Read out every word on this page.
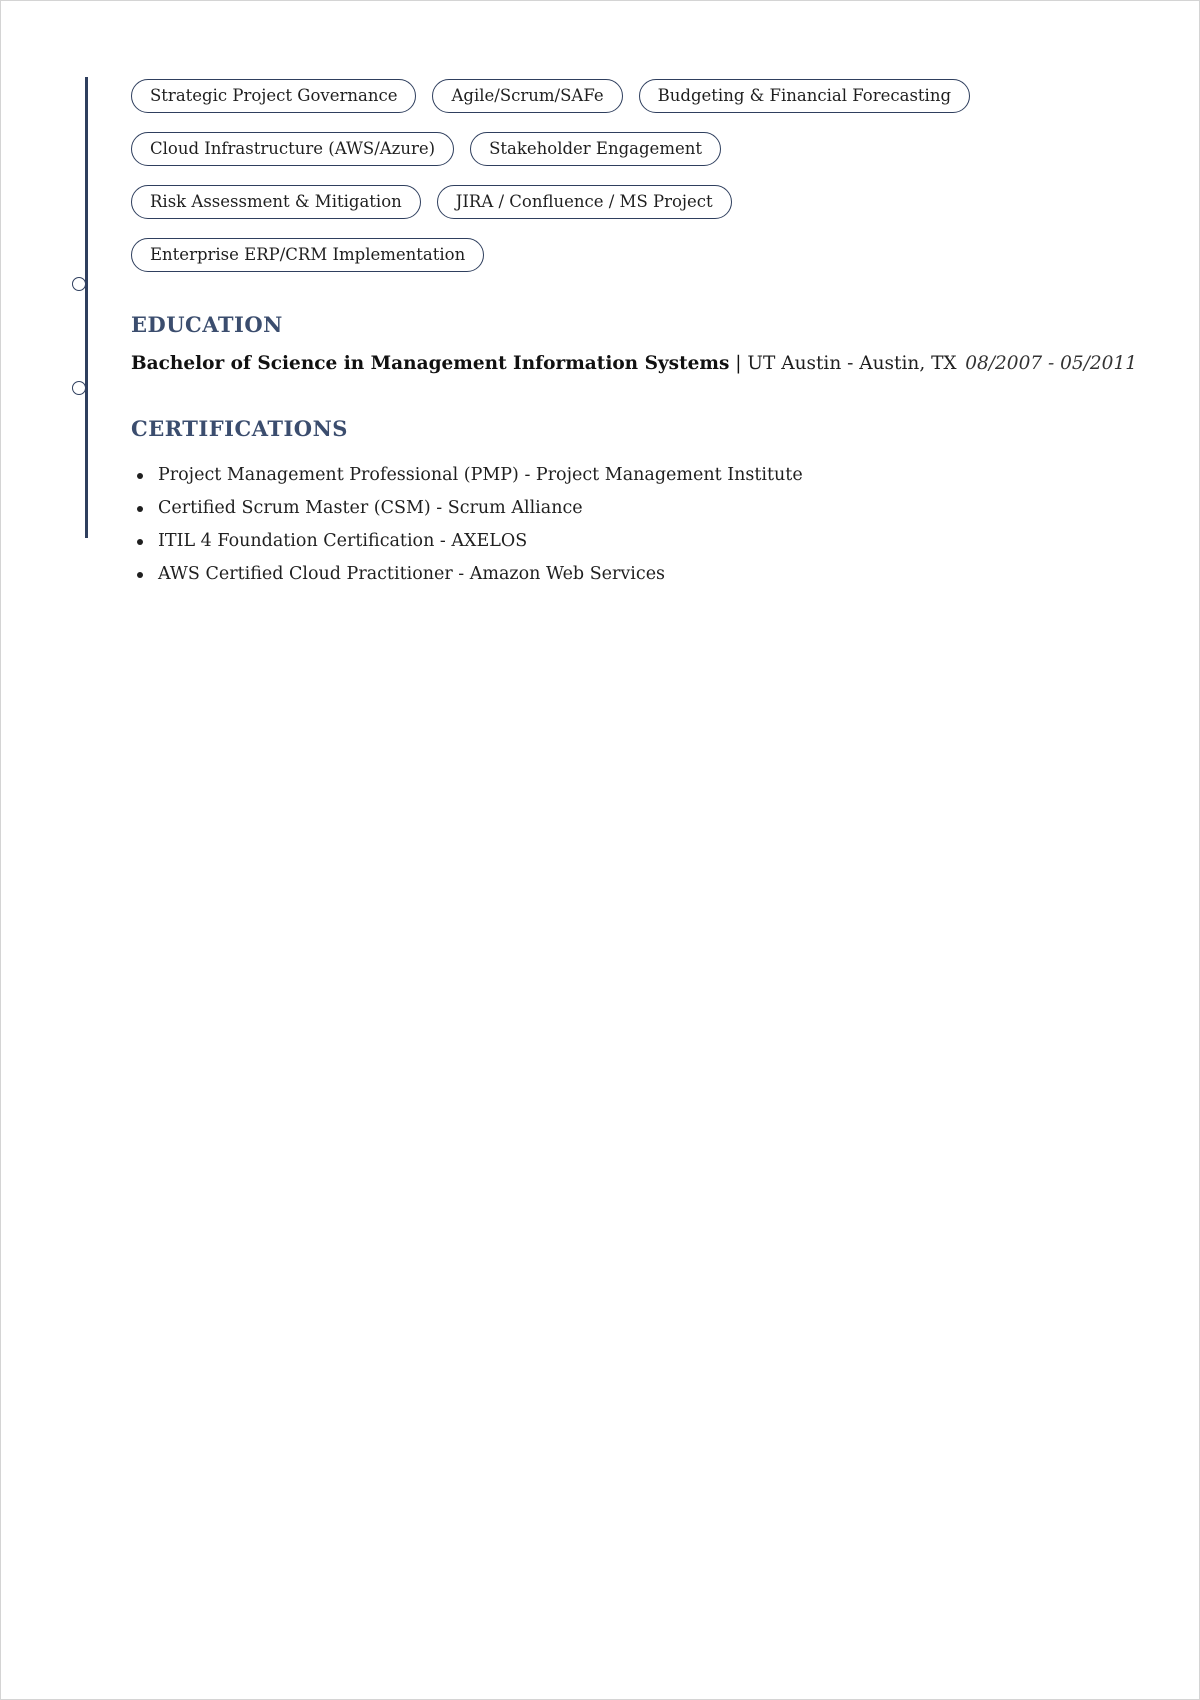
Strategic Project Governance	Agile/Scrum/SAFe	Budgeting & Financial Forecasting
Cloud Infrastructure (AWS/Azure)	Stakeholder Engagement
Risk Assessment & Mitigation	JIRA / Confluence / MS Project
Enterprise ERP/CRM Implementation
EDUCATION
Bachelor of Science in Management Information Systems | UT Austin - Austin, TX 08/2007 - 05/2011
CERTIFICATIONS
Project Management Professional (PMP) - Project Management Institute
Certified Scrum Master (CSM) - Scrum Alliance
ITIL 4 Foundation Certification - AXELOS
AWS Certified Cloud Practitioner - Amazon Web Services
